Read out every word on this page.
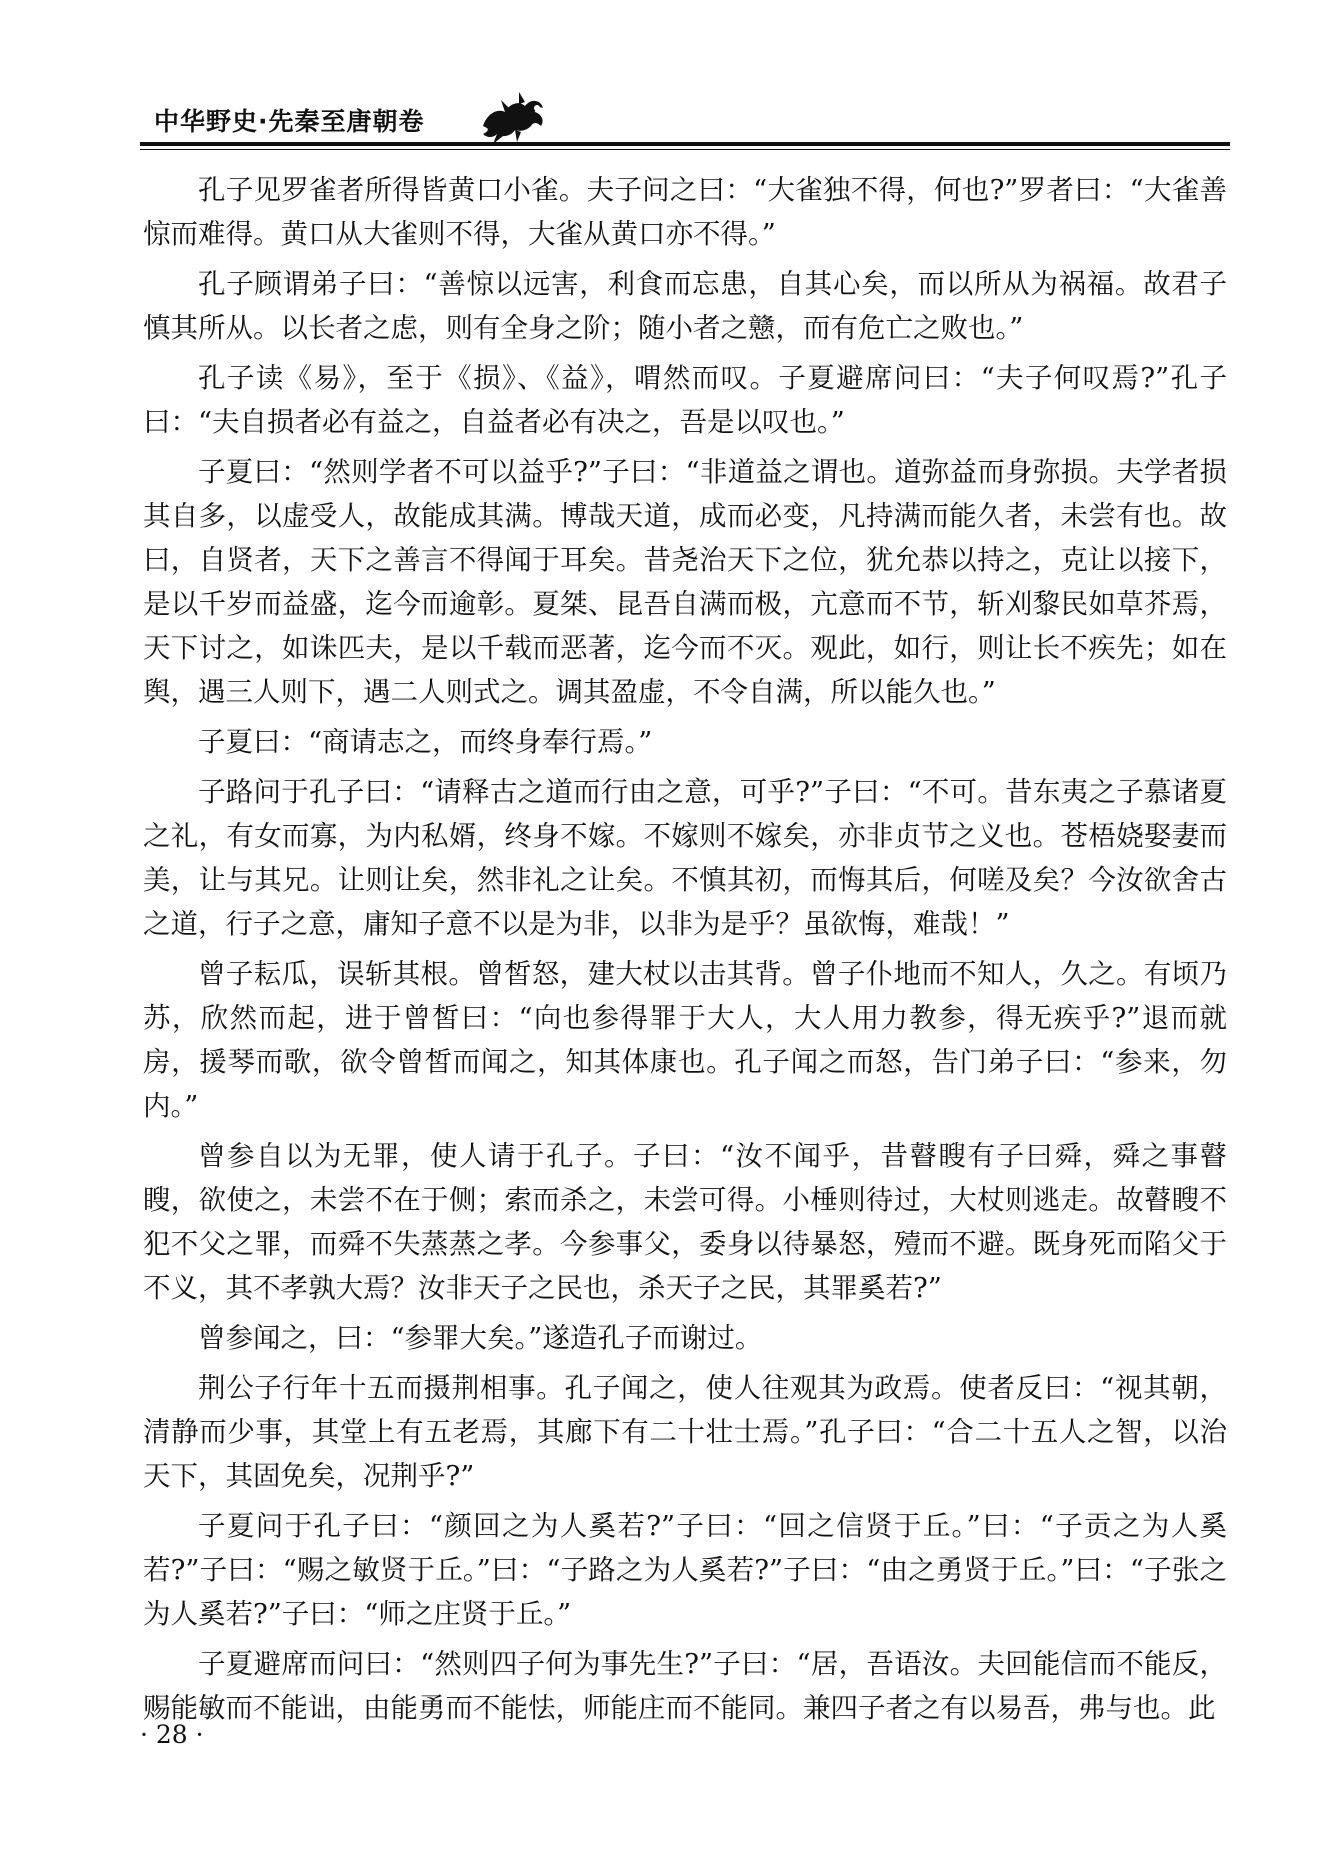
中华野史·先秦至唐朝卷

孔子见罗雀者所得皆黄口小雀。夫子问之曰：“大雀独不得，何也?”罗者曰：“大雀善惊而难得。黄口从大雀则不得，大雀从黄口亦不得。”

孔子顾谓弟子曰：“善惊以远害，利食而忘患，自其心矣，而以所从为祸福。故君子慎其所从。以长者之虑，则有全身之阶；随小者之戆，而有危亡之败也。”

孔子读《易》，至于《损》、《益》，喟然而叹。子夏避席问曰：“夫子何叹焉?”孔子曰：“夫自损者必有益之，自益者必有决之，吾是以叹也。”

子夏曰：“然则学者不可以益乎?”子曰：“非道益之谓也。道弥益而身弥损。夫学者损其自多，以虚受人，故能成其满。博哉天道，成而必变，凡持满而能久者，未尝有也。故曰，自贤者，天下之善言不得闻于耳矣。昔尧治天下之位，犹允恭以持之，克让以接下，是以千岁而益盛，迄今而逾彰。夏桀、昆吾自满而极，亢意而不节，斩刈黎民如草芥焉，天下讨之，如诛匹夫，是以千载而恶著，迄今而不灭。观此，如行，则让长不疾先；如在舆，遇三人则下，遇二人则式之。调其盈虚，不令自满，所以能久也。”

子夏曰：“商请志之，而终身奉行焉。”

子路问于孔子曰：“请释古之道而行由之意，可乎?”子曰：“不可。昔东夷之子慕诸夏之礼，有女而寡，为内私婿，终身不嫁。不嫁则不嫁矣，亦非贞节之义也。苍梧娆娶妻而美，让与其兄。让则让矣，然非礼之让矣。不慎其初，而悔其后，何嗟及矣？今汝欲舍古之道，行子之意，庸知子意不以是为非，以非为是乎？虽欲悔，难哉！”

曾子耘瓜，误斩其根。曾皙怒，建大杖以击其背。曾子仆地而不知人，久之。有顷乃苏，欣然而起，进于曾皙曰：“向也参得罪于大人，大人用力教参，得无疾乎?”退而就房，援琴而歌，欲令曾皙而闻之，知其体康也。孔子闻之而怒，告门弟子曰：“参来，勿内。”

曾参自以为无罪，使人请于孔子。子曰：“汝不闻乎，昔瞽瞍有子曰舜，舜之事瞽瞍，欲使之，未尝不在于侧；索而杀之，未尝可得。小棰则待过，大杖则逃走。故瞽瞍不犯不父之罪，而舜不失蒸蒸之孝。今参事父，委身以待暴怒，殪而不避。既身死而陷父于不义，其不孝孰大焉？汝非天子之民也，杀天子之民，其罪奚若?”

曾参闻之，曰：“参罪大矣。”遂造孔子而谢过。

荆公子行年十五而摄荆相事。孔子闻之，使人往观其为政焉。使者反曰：“视其朝，清静而少事，其堂上有五老焉，其廊下有二十壮士焉。”孔子曰：“合二十五人之智，以治天下，其固免矣，况荆乎?”

子夏问于孔子曰：“颜回之为人奚若?”子曰：“回之信贤于丘。”曰：“子贡之为人奚若?”子曰：“赐之敏贤于丘。”曰：“子路之为人奚若?”子曰：“由之勇贤于丘。”曰：“子张之为人奚若?”子曰：“师之庄贤于丘。”

子夏避席而问曰：“然则四子何为事先生?”子曰：“居，吾语汝。夫回能信而不能反，赐能敏而不能诎，由能勇而不能怯，师能庄而不能同。兼四子者之有以易吾，弗与也。此

· 28 ·
